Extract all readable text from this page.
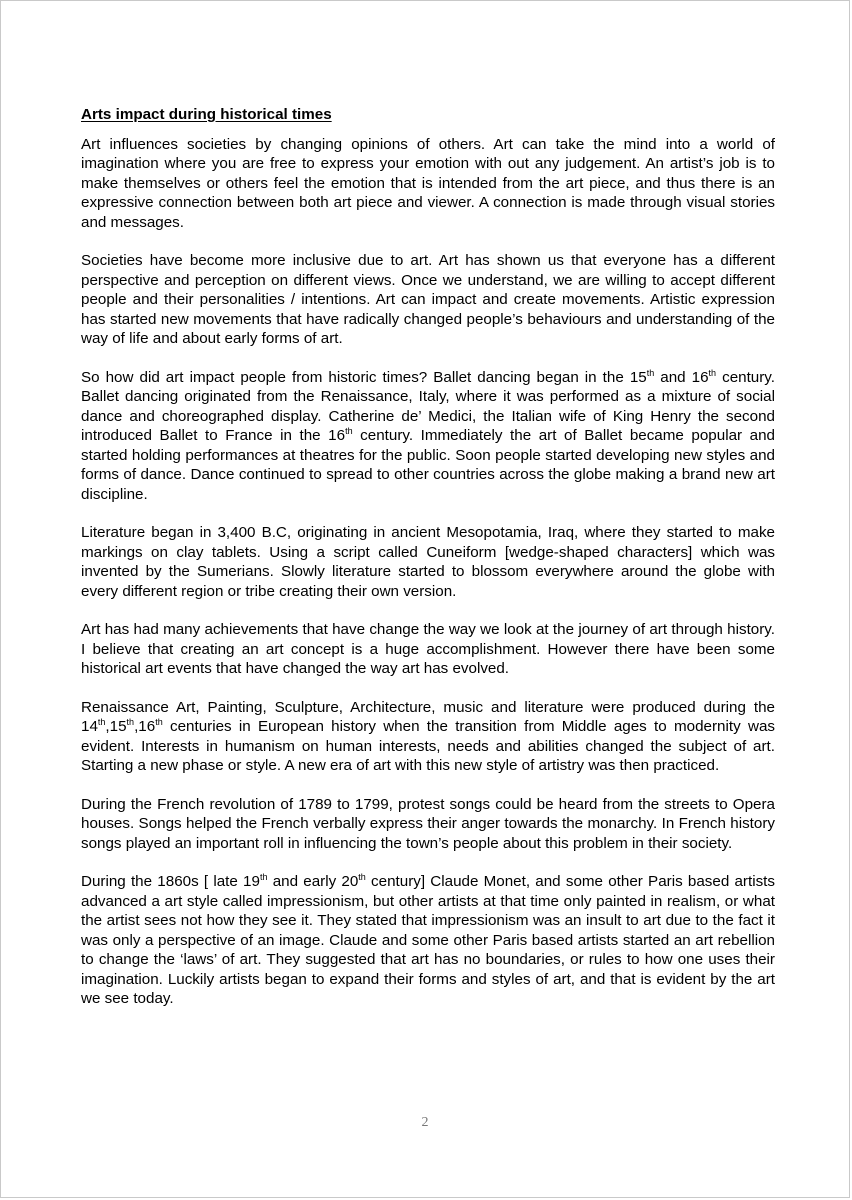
Arts impact during historical times

Art influences societies by changing opinions of others. Art can take the mind into a world of imagination where you are free to express your emotion with out any judgement. An artist’s job is to make themselves or others feel the emotion that is intended from the art piece, and thus there is an expressive connection between both art piece and viewer. A connection is made through visual stories and messages.

Societies have become more inclusive due to art. Art has shown us that everyone has a different perspective and perception on different views. Once we understand, we are willing to accept different people and their personalities / intentions. Art can impact and create movements. Artistic expression has started new movements that have radically changed people’s behaviours and understanding of the way of life and about early forms of art.

So how did art impact people from historic times? Ballet dancing began in the 15th and 16th century. Ballet dancing originated from the Renaissance, Italy, where it was performed as a mixture of social dance and choreographed display. Catherine de’ Medici, the Italian wife of King Henry the second introduced Ballet to France in the 16th century. Immediately the art of Ballet became popular and started holding performances at theatres for the public. Soon people started developing new styles and forms of dance. Dance continued to spread to other countries across the globe making a brand new art discipline.

Literature began in 3,400 B.C, originating in ancient Mesopotamia, Iraq, where they started to make markings on clay tablets. Using a script called Cuneiform [wedge-shaped characters] which was invented by the Sumerians. Slowly literature started to blossom everywhere around the globe with every different region or tribe creating their own version.

Art has had many achievements that have change the way we look at the journey of art through history. I believe that creating an art concept is a huge accomplishment. However there have been some historical art events that have changed the way art has evolved.

Renaissance Art, Painting, Sculpture, Architecture, music and literature were produced during the 14th,15th,16th centuries in European history when the transition from Middle ages to modernity was evident. Interests in humanism on human interests, needs and abilities changed the subject of art. Starting a new phase or style. A new era of art with this new style of artistry was then practiced.

During the French revolution of 1789 to 1799, protest songs could be heard from the streets to Opera houses. Songs helped the French verbally express their anger towards the monarchy. In French history songs played an important roll in influencing the town’s people about this problem in their society.

During the 1860s [ late 19th and early 20th century] Claude Monet, and some other Paris based artists advanced a art style called impressionism, but other artists at that time only painted in realism, or what the artist sees not how they see it. They stated that impressionism was an insult to art due to the fact it was only a perspective of an image. Claude and some other Paris based artists started an art rebellion to change the ‘laws’ of art. They suggested that art has no boundaries, or rules to how one uses their imagination. Luckily artists began to expand their forms and styles of art, and that is evident by the art we see today.

2
